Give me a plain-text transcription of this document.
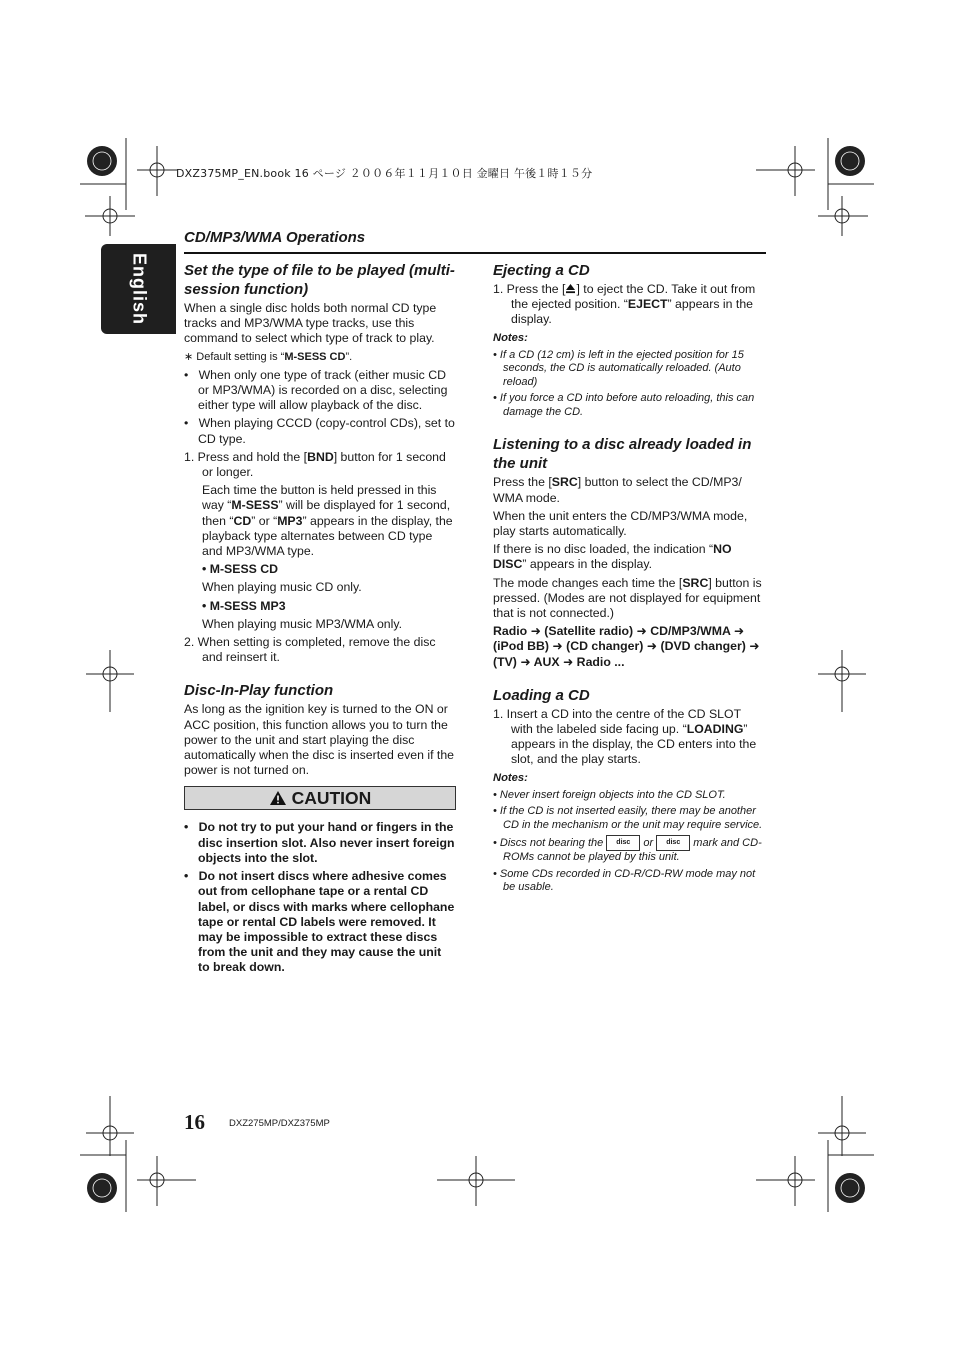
DXZ375MP_EN.book 16 ページ ２００６年１１月１０日 金曜日 午後１時１５分
English
CD/MP3/WMA Operations
Set the type of file to be played (multi-session function)

When a single disc holds both normal CD type tracks and MP3/WMA type tracks, use this command to select which type of track to play.

∗ Default setting is “M-SESS CD”.

•   When only one type of track (either music CD or MP3/WMA) is recorded on a disc, selecting either type will allow playback of the disc.

•   When playing CCCD (copy-control CDs), set to CD type.

1. Press and hold the [BND] button for 1 second or longer.

Each time the button is held pressed in this way “M-SESS” will be displayed for 1 second, then “CD” or “MP3” appears in the display, the playback type alternates between CD type and MP3/WMA type.

• M-SESS CD

When playing music CD only.

• M-SESS MP3

When playing music MP3/WMA only.

2. When setting is completed, remove the disc and reinsert it.

Disc-In-Play function

As long as the ignition key is turned to the ON or ACC position, this function allows you to turn the power to the unit and start playing the disc automatically when the disc is inserted even if the power is not turned on.

CAUTION

•   Do not try to put your hand or fingers in the disc insertion slot. Also never insert foreign objects into the slot.

•   Do not insert discs where adhesive comes out from cellophane tape or a rental CD label, or discs with marks where cellophane tape or rental CD labels were removed. It may be impossible to extract these discs from the unit and they may cause the unit to break down.

Ejecting a CD

1. Press the [ ] to eject the CD. Take it out from the ejected position. “EJECT” appears in the display.

Notes:

• If a CD (12 cm) is left in the ejected position for 15 seconds, the CD is automatically reloaded. (Auto reload)

• If you force a CD into before auto reloading, this can damage the CD.

Listening to a disc already loaded in the unit

Press the [SRC] button to select the CD/MP3/ WMA mode.

When the unit enters the CD/MP3/WMA mode, play starts automatically.

If there is no disc loaded, the indication “NO DISC” appears in the display.

The mode changes each time the [SRC] button is pressed. (Modes are not displayed for equipment that is not connected.)

Radio ➜ (Satellite radio) ➜ CD/MP3/WMA ➜ (iPod BB) ➜ (CD changer) ➜ (DVD changer) ➜ (TV) ➜ AUX ➜ Radio ...

Loading a CD

1. Insert a CD into the centre of the CD SLOT with the labeled side facing up. “LOADING” appears in the display, the CD enters into the slot, and the play starts.

Notes:

• Never insert foreign objects into the CD SLOT.

• If the CD is not inserted easily, there may be another CD in the mechanism or the unit may require service.

• Discs not bearing the disc or disc mark and CD-ROMs cannot be played by this unit.

• Some CDs recorded in CD-R/CD-RW mode may not be usable.

16	DXZ275MP/DXZ375MP
